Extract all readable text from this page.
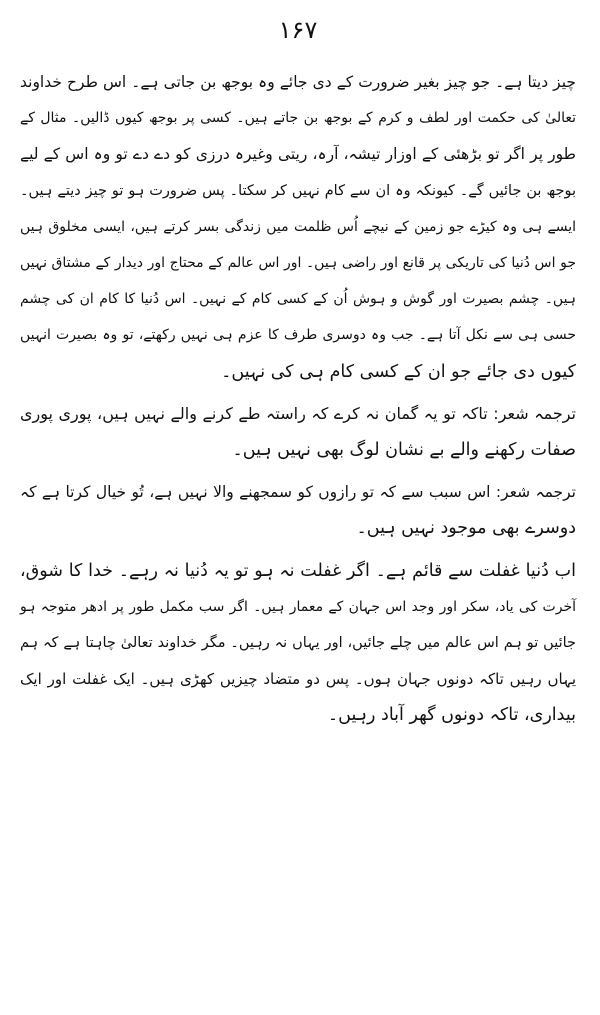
۱۶۷
چیز دیتا ہے۔ جو چیز بغیر ضرورت کے دی جائے وہ بوجھ بن جاتی ہے۔ اس طرح خداوند
تعالیٰ کی حکمت اور لطف و کرم کے بوجھ بن جاتے ہیں۔ کسی پر بوجھ کیوں ڈالیں۔ مثال کے
طور پر اگر تو بڑھئی کے اوزار تیشہ، آرہ، ریتی وغیرہ درزی کو دے دے تو وہ اس کے لیے
بوجھ بن جائیں گے۔ کیونکہ وہ ان سے کام نہیں کر سکتا۔ پس ضرورت ہو تو چیز دیتے ہیں۔
ایسے ہی وہ کیڑے جو زمین کے نیچے اُس ظلمت میں زندگی بسر کرتے ہیں، ایسی مخلوق ہیں
جو اس دُنیا کی تاریکی پر قانع اور راضی ہیں۔ اور اس عالم کے محتاج اور دیدار کے مشتاق نہیں
ہیں۔ چشم بصیرت اور گوش و ہوش اُن کے کسی کام کے نہیں۔ اس دُنیا کا کام ان کی چشم
حسی ہی سے نکل آتا ہے۔ جب وہ دوسری طرف کا عزم ہی نہیں رکھتے، تو وہ بصیرت انہیں
کیوں دی جائے جو ان کے کسی کام ہی کی نہیں۔
ترجمہ شعر: تاکہ تو یہ گمان نہ کرے کہ راستہ طے کرنے والے نہیں ہیں، پوری پوری
صفات رکھنے والے بے نشان لوگ بھی نہیں ہیں۔
ترجمہ شعر: اس سبب سے کہ تو رازوں کو سمجھنے والا نہیں ہے، تُو خیال کرتا ہے کہ
دوسرے بھی موجود نہیں ہیں۔
اب دُنیا غفلت سے قائم ہے۔ اگر غفلت نہ ہو تو یہ دُنیا نہ رہے۔ خدا کا شوق،
آخرت کی یاد، سکر اور وجد اس جہان کے معمار ہیں۔ اگر سب مکمل طور پر ادھر متوجہ ہو
جائیں تو ہم اس عالم میں چلے جائیں، اور یہاں نہ رہیں۔ مگر خداوند تعالیٰ چاہتا ہے کہ ہم
یہاں رہیں تاکہ دونوں جہان ہوں۔ پس دو متضاد چیزیں کھڑی ہیں۔ ایک غفلت اور ایک
بیداری، تاکہ دونوں گھر آباد رہیں۔
